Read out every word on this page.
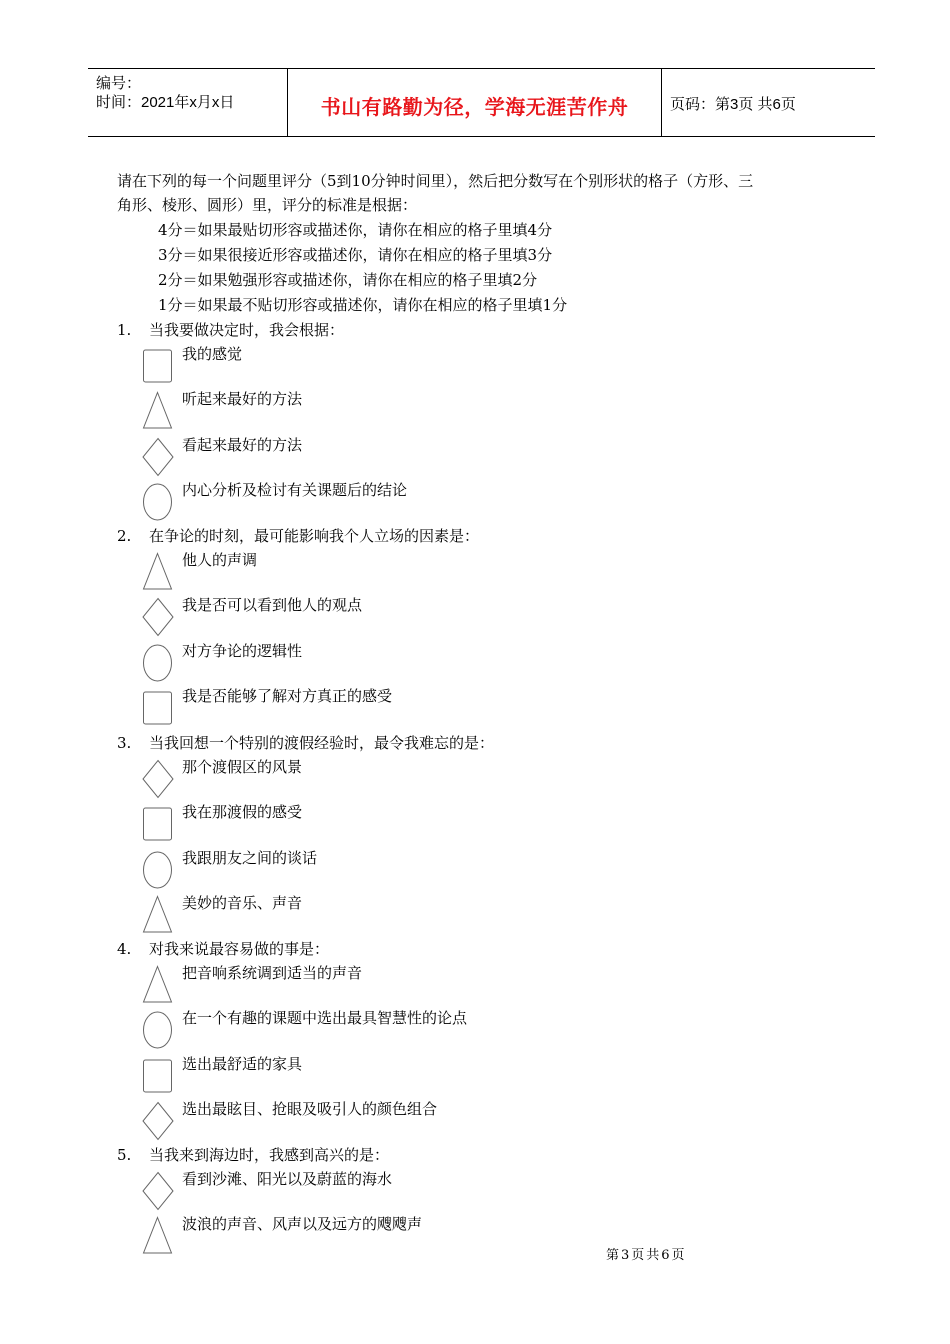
编号：
时间：2021年x月x日	书山有路勤为径，学海无涯苦作舟	页码：第3页 共6页
请在下列的每一个问题里评分（5到10分钟时间里），然后把分数写在个别形状的格子（方形、三
角形、棱形、圆形）里，评分的标准是根据：
4分＝如果最贴切形容或描述你，请你在相应的格子里填4分
3分＝如果很接近形容或描述你，请你在相应的格子里填3分
2分＝如果勉强形容或描述你，请你在相应的格子里填2分
1分＝如果最不贴切形容或描述你，请你在相应的格子里填1分
1. 当我要做决定时，我会根据：
我的感觉
听起来最好的方法
看起来最好的方法
内心分析及检讨有关课题后的结论
2. 在争论的时刻，最可能影响我个人立场的因素是：
他人的声调
我是否可以看到他人的观点
对方争论的逻辑性
我是否能够了解对方真正的感受
3. 当我回想一个特别的渡假经验时，最令我难忘的是：
那个渡假区的风景
我在那渡假的感受
我跟朋友之间的谈话
美妙的音乐、声音
4. 对我来说最容易做的事是：
把音响系统调到适当的声音
在一个有趣的课题中选出最具智慧性的论点
选出最舒适的家具
选出最眩目、抢眼及吸引人的颜色组合
5. 当我来到海边时，我感到高兴的是：
看到沙滩、阳光以及蔚蓝的海水
波浪的声音、风声以及远方的飕飕声
第3页共6页
